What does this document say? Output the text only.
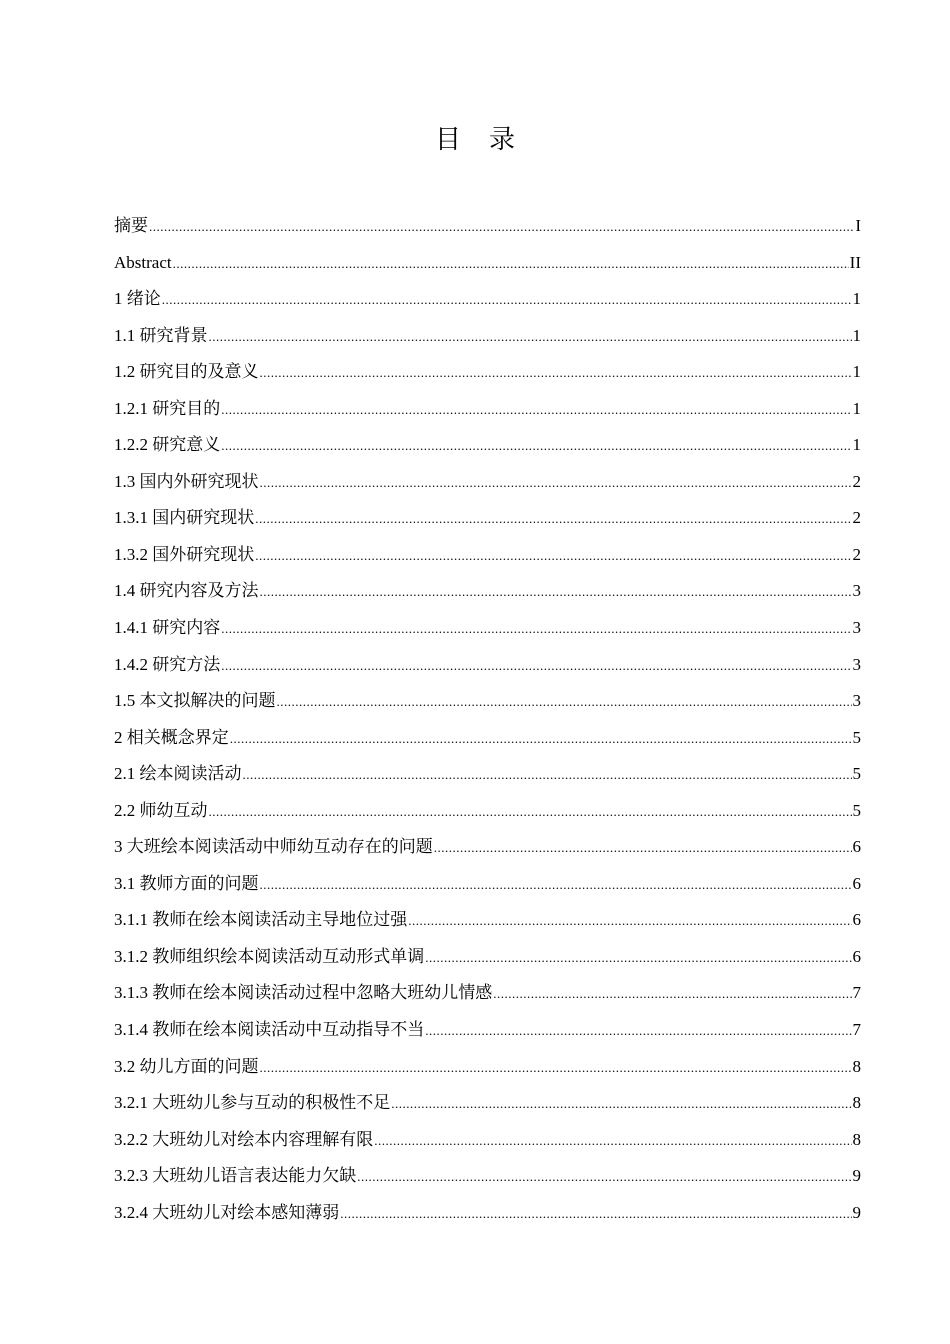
目录
摘要 .....	I
Abstract .....	II
1 绪论 .....	1
1.1 研究背景 .....	1
1.2 研究目的及意义 .....	1
1.2.1 研究目的 .....	1
1.2.2 研究意义 .....	1
1.3 国内外研究现状 .....	2
1.3.1 国内研究现状 .....	2
1.3.2 国外研究现状 .....	2
1.4 研究内容及方法 .....	3
1.4.1 研究内容 .....	3
1.4.2 研究方法 .....	3
1.5 本文拟解决的问题 .....	3
2 相关概念界定 .....	5
2.1 绘本阅读活动 .....	5
2.2 师幼互动 .....	5
3 大班绘本阅读活动中师幼互动存在的问题 .....	6
3.1 教师方面的问题 .....	6
3.1.1 教师在绘本阅读活动主导地位过强 .....	6
3.1.2 教师组织绘本阅读活动互动形式单调 .....	6
3.1.3 教师在绘本阅读活动过程中忽略大班幼儿情感 .....	7
3.1.4 教师在绘本阅读活动中互动指导不当 .....	7
3.2 幼儿方面的问题 .....	8
3.2.1 大班幼儿参与互动的积极性不足 .....	8
3.2.2 大班幼儿对绘本内容理解有限 .....	8
3.2.3 大班幼儿语言表达能力欠缺 .....	9
3.2.4 大班幼儿对绘本感知薄弱 .....	9
